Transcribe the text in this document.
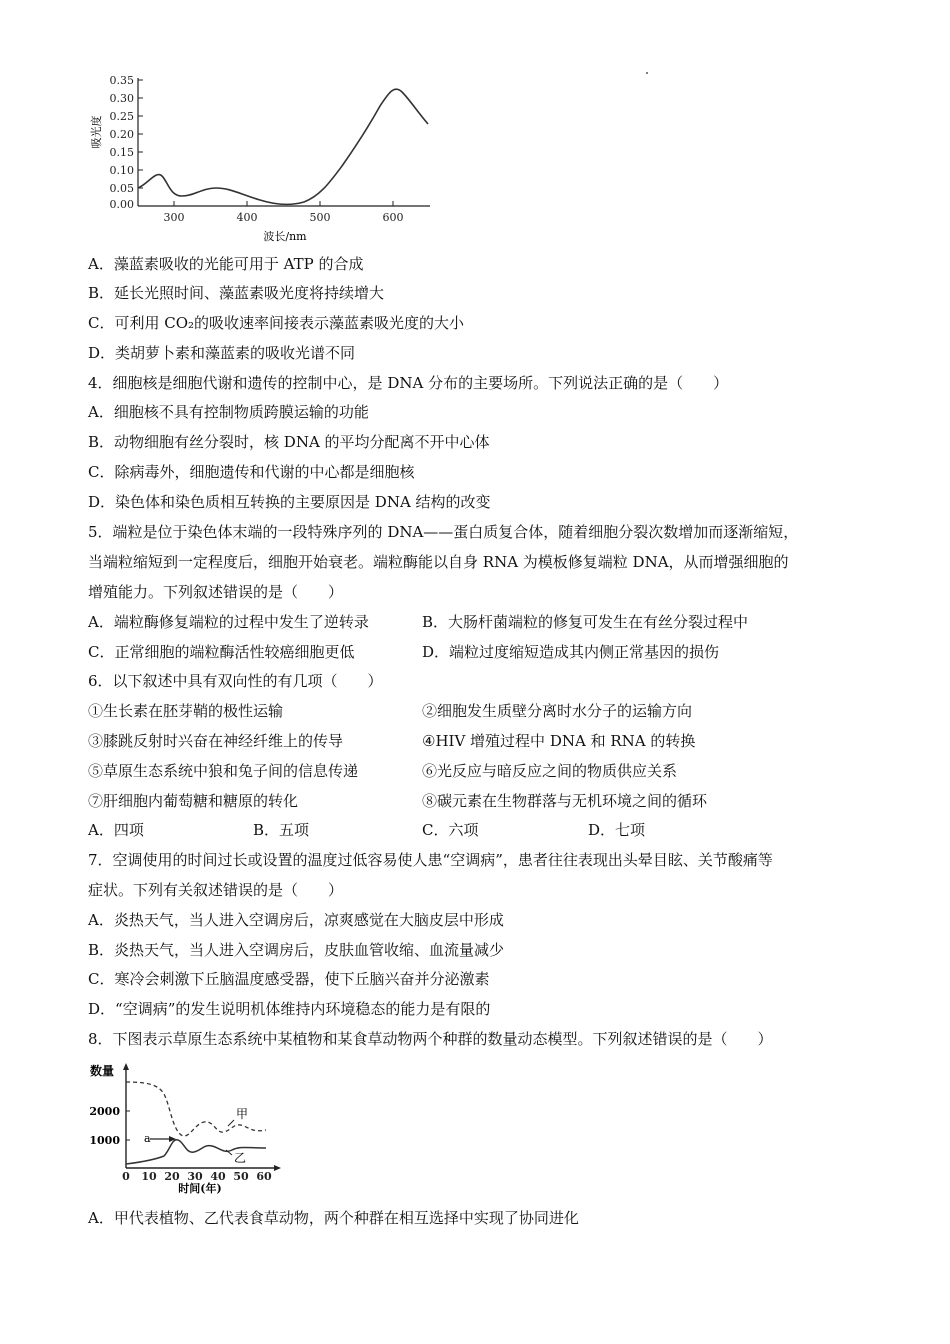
0.35
0.30
0.25
0.20
0.15
0.10
0.05
0.00
吸光度
300	400	500	600
波长/nm
A．藻蓝素吸收的光能可用于 ATP 的合成
B．延长光照时间、藻蓝素吸光度将持续增大
C．可利用 CO₂的吸收速率间接表示藻蓝素吸光度的大小
D．类胡萝卜素和藻蓝素的吸收光谱不同
4．细胞核是细胞代谢和遗传的控制中心，是 DNA 分布的主要场所。下列说法正确的是（　　）
A．细胞核不具有控制物质跨膜运输的功能
B．动物细胞有丝分裂时，核 DNA 的平均分配离不开中心体
C．除病毒外，细胞遗传和代谢的中心都是细胞核
D．染色体和染色质相互转换的主要原因是 DNA 结构的改变
5．端粒是位于染色体末端的一段特殊序列的 DNA——蛋白质复合体，随着细胞分裂次数增加而逐渐缩短，
当端粒缩短到一定程度后，细胞开始衰老。端粒酶能以自身 RNA 为模板修复端粒 DNA，从而增强细胞的
增殖能力。下列叙述错误的是（　　）
A．端粒酶修复端粒的过程中发生了逆转录	B．大肠杆菌端粒的修复可发生在有丝分裂过程中
C．正常细胞的端粒酶活性较癌细胞更低	D．端粒过度缩短造成其内侧正常基因的损伤
6．以下叙述中具有双向性的有几项（　　）
①生长素在胚芽鞘的极性运输	②细胞发生质壁分离时水分子的运输方向
③膝跳反射时兴奋在神经纤维上的传导	④HIV 增殖过程中 DNA 和 RNA 的转换
⑤草原生态系统中狼和兔子间的信息传递	⑥光反应与暗反应之间的物质供应关系
⑦肝细胞内葡萄糖和糖原的转化	⑧碳元素在生物群落与无机环境之间的循环
A．四项	B．五项	C．六项	D．七项
7．空调使用的时间过长或设置的温度过低容易使人患“空调病”，患者往往表现出头晕目眩、关节酸痛等
症状。下列有关叙述错误的是（　　）
A．炎热天气，当人进入空调房后，凉爽感觉在大脑皮层中形成
B．炎热天气，当人进入空调房后，皮肤血管收缩、血流量减少
C．寒冷会刺激下丘脑温度感受器，使下丘脑兴奋并分泌激素
D．“空调病”的发生说明机体维持内环境稳态的能力是有限的
8．下图表示草原生态系统中某植物和某食草动物两个种群的数量动态模型。下列叙述错误的是（　　）
数量
2000
1000
0 10 20 30 40 50 60
时间(年)
a
甲
乙
A．甲代表植物、乙代表食草动物，两个种群在相互选择中实现了协同进化
